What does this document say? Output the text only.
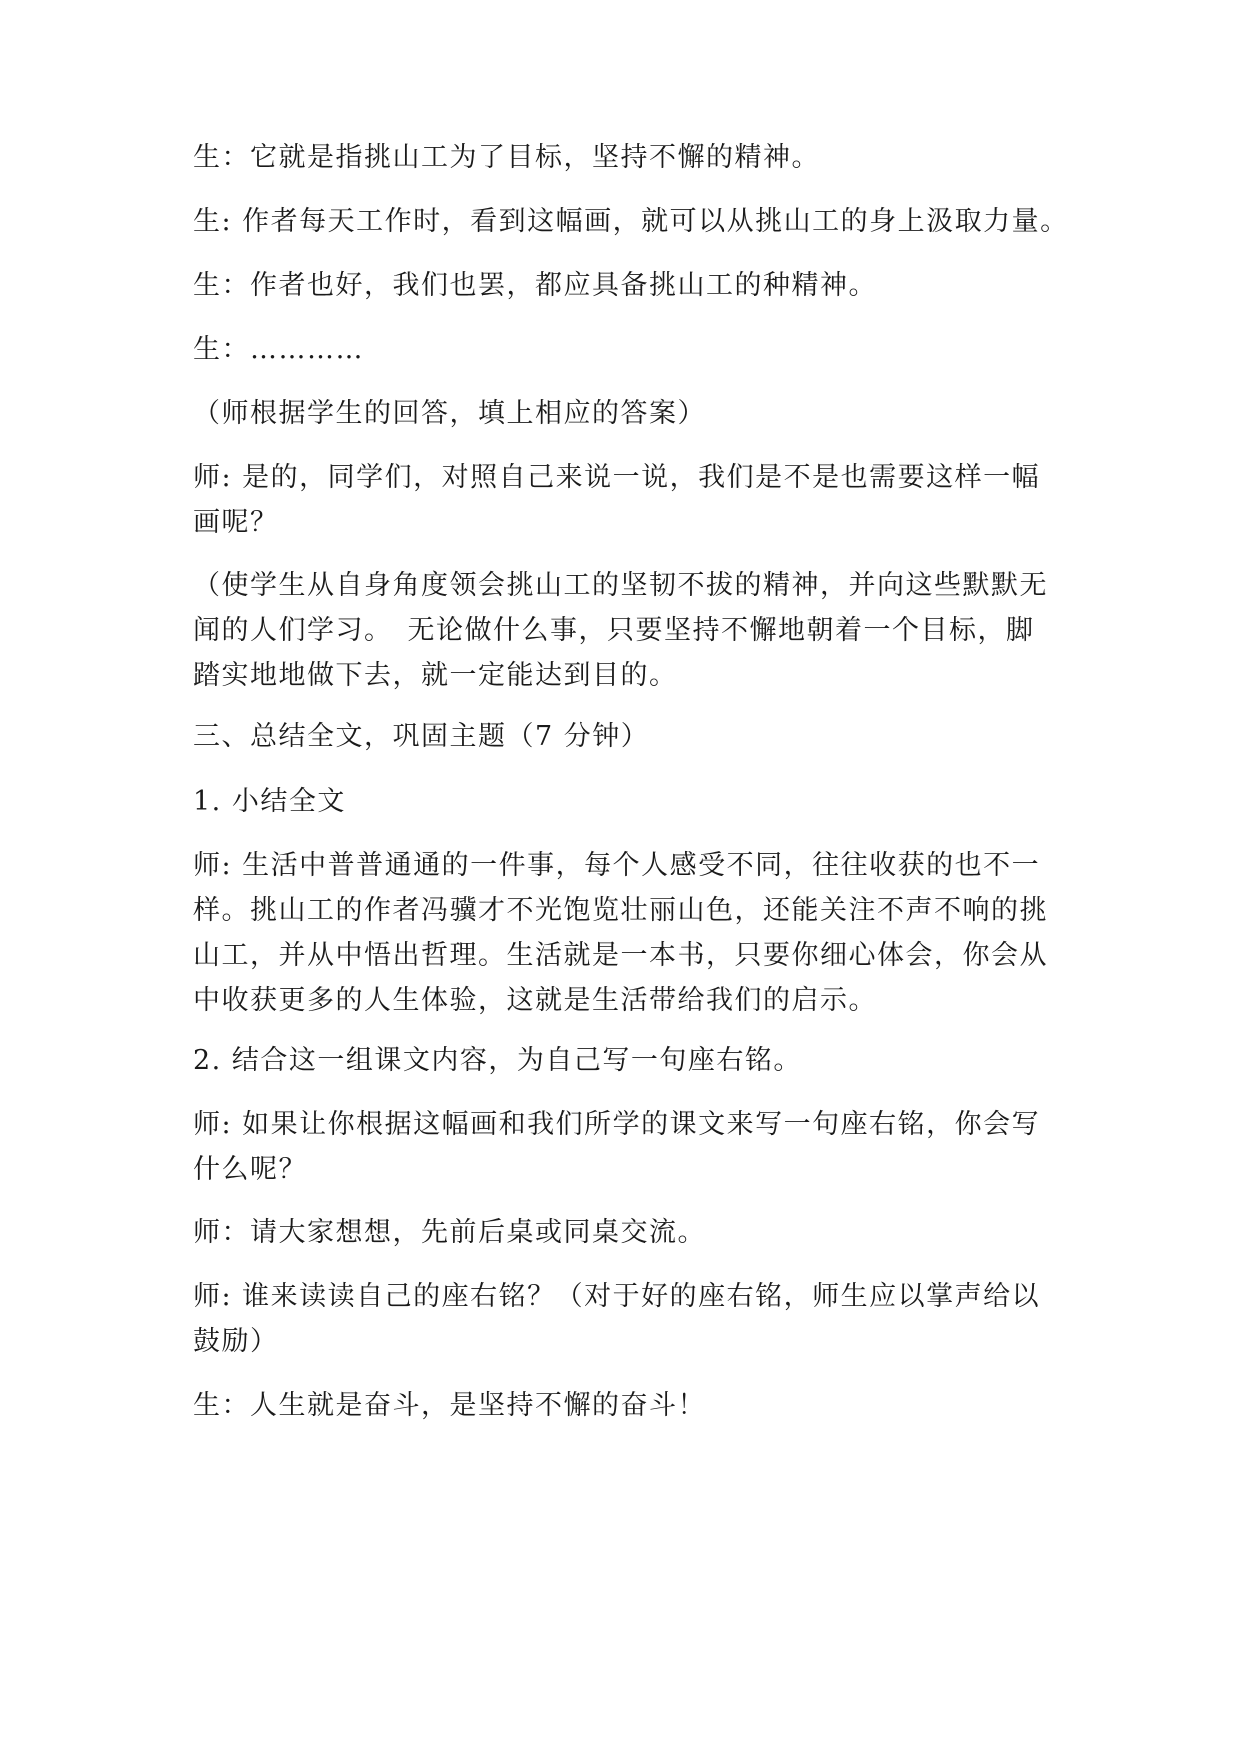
生：它就是指挑山工为了目标，坚持不懈的精神。

生: 作者每天工作时，看到这幅画，就可以从挑山工的身上汲取力量。

生：作者也好，我们也罢，都应具备挑山工的种精神。

生：…………

（师根据学生的回答，填上相应的答案）

师: 是的，同学们，对照自己来说一说，我们是不是也需要这样一幅
画呢？

（使学生从自身角度领会挑山工的坚韧不拔的精神，并向这些默默无
闻的人们学习。　无论做什么事，只要坚持不懈地朝着一个目标，脚
踏实地地做下去，就一定能达到目的。

三、总结全文，巩固主题（7 分钟）

1. 小结全文

师: 生活中普普通通的一件事，每个人感受不同，往往收获的也不一
样。挑山工的作者冯骥才不光饱览壮丽山色，还能关注不声不响的挑
山工，并从中悟出哲理。生活就是一本书，只要你细心体会，你会从
中收获更多的人生体验，这就是生活带给我们的启示。

2. 结合这一组课文内容，为自己写一句座右铭。

师: 如果让你根据这幅画和我们所学的课文来写一句座右铭，你会写
什么呢？

师：请大家想想，先前后桌或同桌交流。

师: 谁来读读自己的座右铭？（对于好的座右铭，师生应以掌声给以
鼓励）

生：人生就是奋斗，是坚持不懈的奋斗！
